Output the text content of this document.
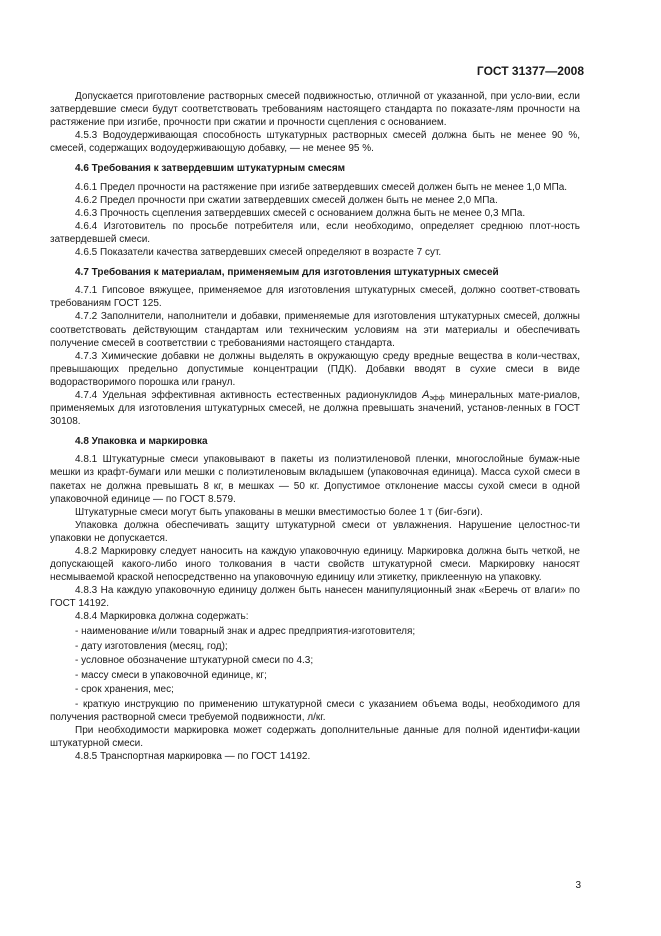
ГОСТ 31377—2008

Допускается приготовление растворных смесей подвижностью, отличной от указанной, при усло-вии, если затвердевшие смеси будут соответствовать требованиям настоящего стандарта по показате-лям прочности на растяжение при изгибе, прочности при сжатии и прочности сцепления с основанием.

4.5.3 Водоудерживающая способность штукатурных растворных смесей должна быть не менее 90 %, смесей, содержащих водоудерживающую добавку, — не менее 95 %.

4.6 Требования к затвердевшим штукатурным смесям

4.6.1 Предел прочности на растяжение при изгибе затвердевших смесей должен быть не менее 1,0 МПа.

4.6.2 Предел прочности при сжатии затвердевших смесей должен быть не менее 2,0 МПа.

4.6.3 Прочность сцепления затвердевших смесей с основанием должна быть не менее 0,3 МПа.

4.6.4 Изготовитель по просьбе потребителя или, если необходимо, определяет среднюю плот-ность затвердевшей смеси.

4.6.5 Показатели качества затвердевших смесей определяют в возрасте 7 сут.

4.7 Требования к материалам, применяемым для изготовления штукатурных смесей

4.7.1 Гипсовое вяжущее, применяемое для изготовления штукатурных смесей, должно соответ-ствовать требованиям ГОСТ 125.

4.7.2 Заполнители, наполнители и добавки, применяемые для изготовления штукатурных смесей, должны соответствовать действующим стандартам или техническим условиям на эти материалы и обеспечивать получение смесей в соответствии с требованиями настоящего стандарта.

4.7.3 Химические добавки не должны выделять в окружающую среду вредные вещества в коли-чествах, превышающих предельно допустимые концентрации (ПДК). Добавки вводят в сухие смеси в виде водорастворимого порошка или гранул.

4.7.4 Удельная эффективная активность естественных радионуклидов $A_{эфф}$ минеральных мате-риалов, применяемых для изготовления штукатурных смесей, не должна превышать значений, установ-ленных в ГОСТ 30108.

4.8 Упаковка и маркировка

4.8.1 Штукатурные смеси упаковывают в пакеты из полиэтиленовой пленки, многослойные бумаж-ные мешки из крафт-бумаги или мешки с полиэтиленовым вкладышем (упаковочная единица). Масса сухой смеси в пакетах не должна превышать 8 кг, в мешках — 50 кг. Допустимое отклонение массы сухой смеси в одной упаковочной единице — по ГОСТ 8.579.

Штукатурные смеси могут быть упакованы в мешки вместимостью более 1 т (биг-бэги).

Упаковка должна обеспечивать защиту штукатурной смеси от увлажнения. Нарушение целостнос-ти упаковки не допускается.

4.8.2 Маркировку следует наносить на каждую упаковочную единицу. Маркировка должна быть четкой, не допускающей какого-либо иного толкования в части свойств штукатурной смеси. Маркировку наносят несмываемой краской непосредственно на упаковочную единицу или этикетку, приклеенную на упаковку.

4.8.3 На каждую упаковочную единицу должен быть нанесен манипуляционный знак «Беречь от влаги» по ГОСТ 14192.

4.8.4 Маркировка должна содержать:

- наименование и/или товарный знак и адрес предприятия-изготовителя;

- дату изготовления (месяц, год);

- условное обозначение штукатурной смеси по 4.3;

- массу смеси в упаковочной единице, кг;

- срок хранения, мес;

- краткую инструкцию по применению штукатурной смеси с указанием объема воды, необходимого для получения растворной смеси требуемой подвижности, л/кг.

При необходимости маркировка может содержать дополнительные данные для полной идентифи-кации штукатурной смеси.

4.8.5 Транспортная маркировка — по ГОСТ 14192.

3
